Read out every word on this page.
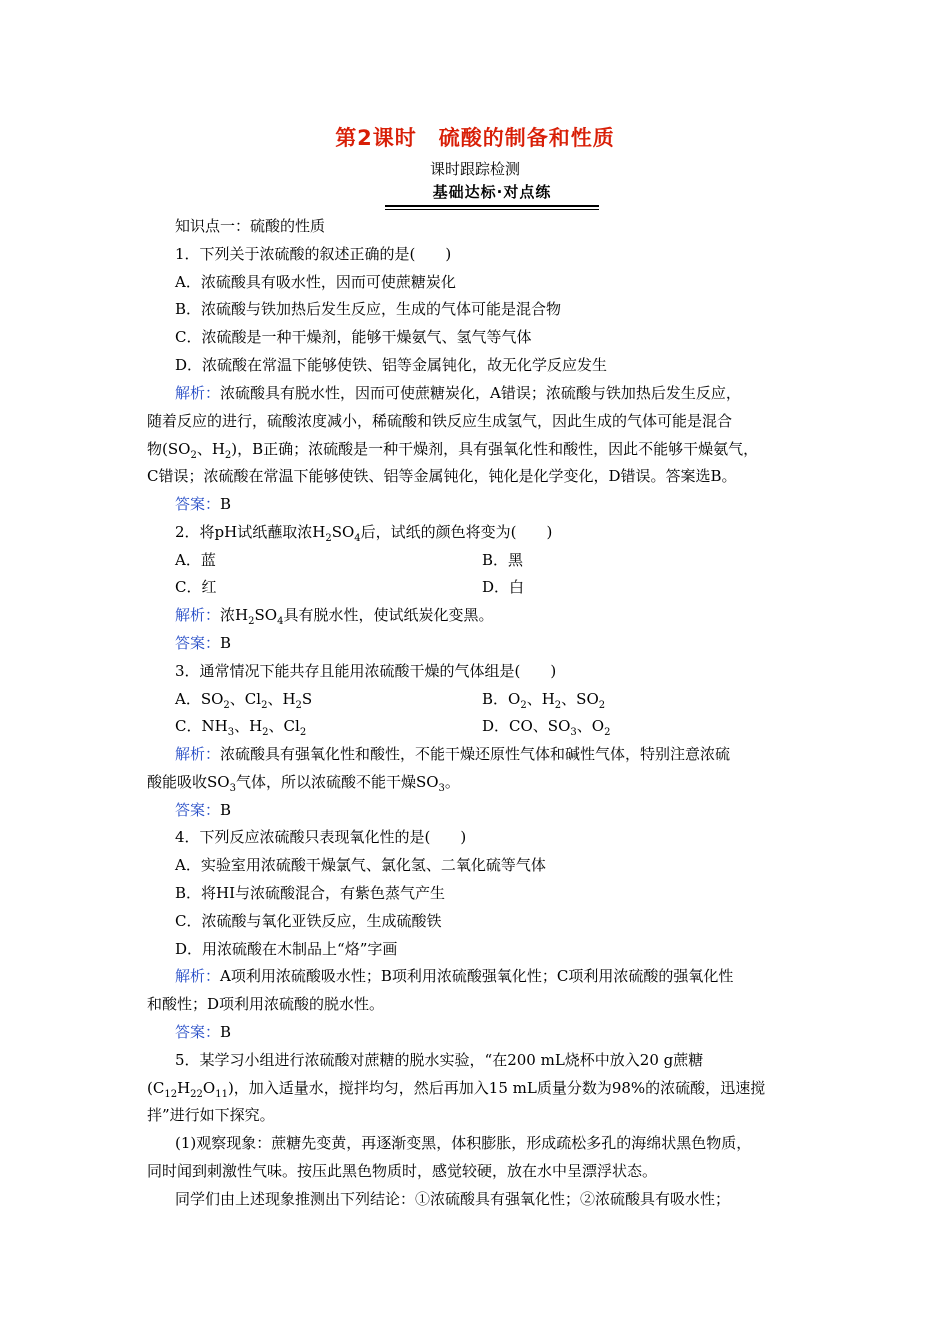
第2课时　硫酸的制备和性质
课时跟踪检测
基础达标·对点练
知识点一：硫酸的性质
1．下列关于浓硫酸的叙述正确的是(　　)
A．浓硫酸具有吸水性，因而可使蔗糖炭化
B．浓硫酸与铁加热后发生反应，生成的气体可能是混合物
C．浓硫酸是一种干燥剂，能够干燥氨气、氢气等气体
D．浓硫酸在常温下能够使铁、铝等金属钝化，故无化学反应发生
解析：浓硫酸具有脱水性，因而可使蔗糖炭化，A错误；浓硫酸与铁加热后发生反应，
随着反应的进行，硫酸浓度减小，稀硫酸和铁反应生成氢气，因此生成的气体可能是混合
物($SO_2$、$H_2$)，B正确；浓硫酸是一种干燥剂，具有强氧化性和酸性，因此不能够干燥氨气，
C错误；浓硫酸在常温下能够使铁、铝等金属钝化，钝化是化学变化，D错误。答案选B。
答案：B
2．将pH试纸蘸取浓$H_2SO_4$后，试纸的颜色将变为(　　)
A．蓝	B．黑
C．红	D．白
解析：浓$H_2SO_4$具有脱水性，使试纸炭化变黑。
答案：B
3．通常情况下能共存且能用浓硫酸干燥的气体组是(　　)
A．$SO_2$、$Cl_2$、$H_2S$	B．$O_2$、$H_2$、$SO_2$
C．$NH_3$、$H_2$、$Cl_2$	D．CO、$SO_3$、$O_2$
解析：浓硫酸具有强氧化性和酸性，不能干燥还原性气体和碱性气体，特别注意浓硫
酸能吸收$SO_3$气体，所以浓硫酸不能干燥$SO_3$。
答案：B
4．下列反应浓硫酸只表现氧化性的是(　　)
A．实验室用浓硫酸干燥氯气、氯化氢、二氧化硫等气体
B．将HI与浓硫酸混合，有紫色蒸气产生
C．浓硫酸与氧化亚铁反应，生成硫酸铁
D．用浓硫酸在木制品上“烙”字画
解析：A项利用浓硫酸吸水性；B项利用浓硫酸强氧化性；C项利用浓硫酸的强氧化性
和酸性；D项利用浓硫酸的脱水性。
答案：B
5．某学习小组进行浓硫酸对蔗糖的脱水实验，“在200 mL烧杯中放入20 g蔗糖
$(C_{12}H_{22}O_{11})$，加入适量水，搅拌均匀，然后再加入15 mL质量分数为98%的浓硫酸，迅速搅
拌”进行如下探究。
(1)观察现象：蔗糖先变黄，再逐渐变黑，体积膨胀，形成疏松多孔的海绵状黑色物质，
同时闻到刺激性气味。按压此黑色物质时，感觉较硬，放在水中呈漂浮状态。
同学们由上述现象推测出下列结论：①浓硫酸具有强氧化性；②浓硫酸具有吸水性；
